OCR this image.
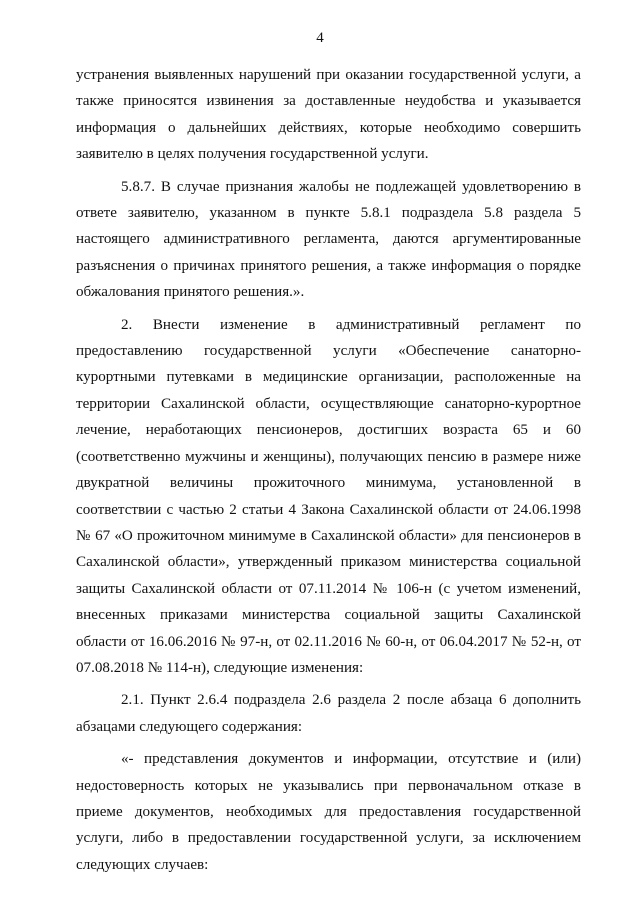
4

устранения выявленных нарушений при оказании государственной услуги, а также приносятся извинения за доставленные неудобства и указывается информация о дальнейших действиях, которые необходимо совершить заявителю в целях получения государственной услуги.

5.8.7. В случае признания жалобы не подлежащей удовлетворению в ответе заявителю, указанном в пункте 5.8.1 подраздела 5.8 раздела 5 настоящего административного регламента, даются аргументированные разъяснения о причинах принятого решения, а также информация о порядке обжалования принятого решения.».

2. Внести изменение в административный регламент по предоставлению государственной услуги «Обеспечение санаторно-курортными путевками в медицинские организации, расположенные на территории Сахалинской области, осуществляющие санаторно-курортное лечение, неработающих пенсионеров, достигших возраста 65 и 60 (соответственно мужчины и женщины), получающих пенсию в размере ниже двукратной величины прожиточного минимума, установленной в соответствии с частью 2 статьи 4 Закона Сахалинской области от 24.06.1998 № 67 «О прожиточном минимуме в Сахалинской области» для пенсионеров в Сахалинской области», утвержденный приказом министерства социальной защиты Сахалинской области от 07.11.2014 № 106-н (с учетом изменений, внесенных приказами министерства социальной защиты Сахалинской области от 16.06.2016 № 97-н, от 02.11.2016 № 60-н, от 06.04.2017 № 52-н, от 07.08.2018 № 114-н), следующие изменения:

2.1. Пункт 2.6.4 подраздела 2.6 раздела 2 после абзаца 6 дополнить абзацами следующего содержания:

«- представления документов и информации, отсутствие и (или) недостоверность которых не указывались при первоначальном отказе в приеме документов, необходимых для предоставления государственной услуги, либо в предоставлении государственной услуги, за исключением следующих случаев:
